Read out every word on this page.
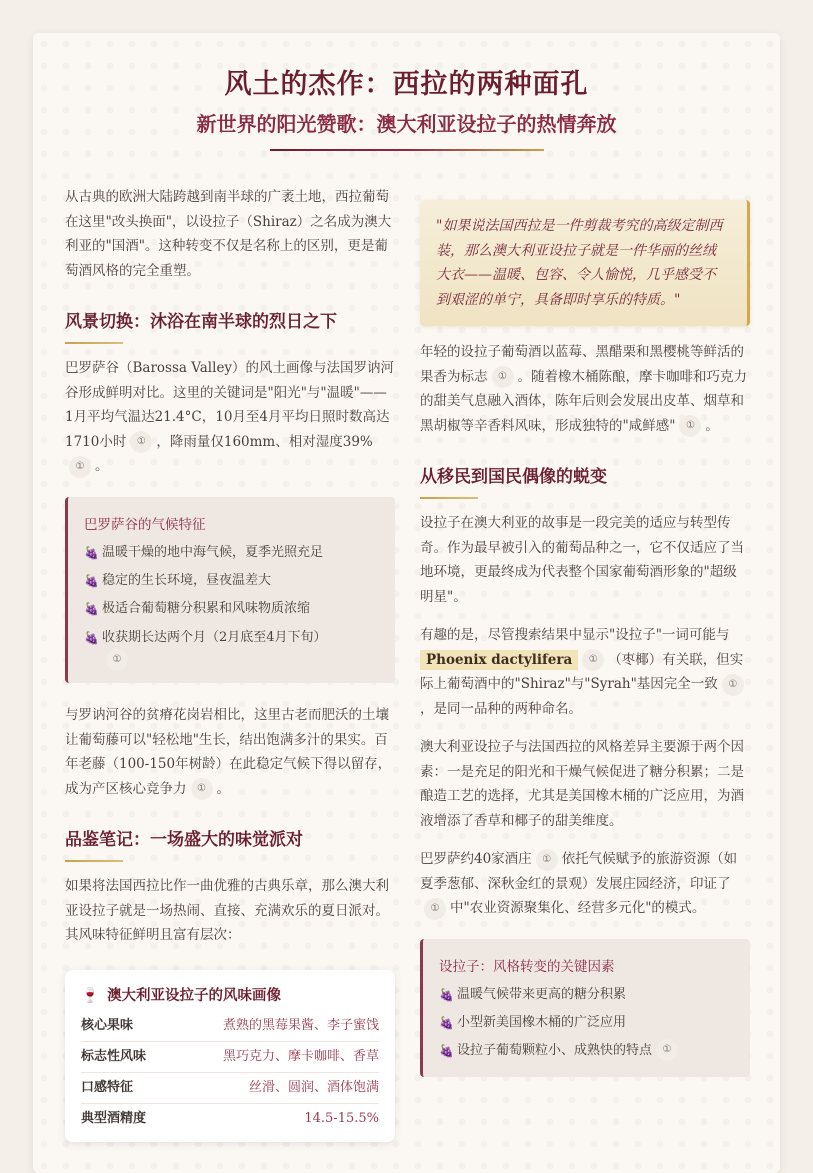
风土的杰作：西拉的两种面孔
新世界的阳光赞歌：澳大利亚设拉子的热情奔放

从古典的欧洲大陆跨越到南半球的广袤土地，西拉葡萄在这里"改头换面"，以设拉子（Shiraz）之名成为澳大利亚的"国酒"。这种转变不仅是名称上的区别，更是葡萄酒风格的完全重塑。

风景切换：沐浴在南半球的烈日之下

巴罗萨谷（Barossa Valley）的风土画像与法国罗讷河谷形成鲜明对比。这里的关键词是"阳光"与"温暖"——1月平均气温达21.4°C，10月至4月平均日照时数高达1710小时 ① ，降雨量仅160mm、相对湿度39%① 。

巴罗萨谷的气候特征
🍇 温暖干燥的地中海气候，夏季光照充足
🍇 稳定的生长环境，昼夜温差大
🍇 极适合葡萄糖分积累和风味物质浓缩
🍇 收获期长达两个月（2月底至4月下旬）
①

与罗讷河谷的贫瘠花岗岩相比，这里古老而肥沃的土壤让葡萄藤可以"轻松地"生长，结出饱满多汁的果实。百年老藤（100-150年树龄）在此稳定气候下得以留存，成为产区核心竞争力 ① 。

品鉴笔记：一场盛大的味觉派对

如果将法国西拉比作一曲优雅的古典乐章，那么澳大利亚设拉子就是一场热闹、直接、充满欢乐的夏日派对。其风味特征鲜明且富有层次：

🍷 澳大利亚设拉子的风味画像
核心果味	煮熟的黑莓果酱、李子蜜饯
标志性风味	黑巧克力、摩卡咖啡、香草
口感特征	丝滑、圆润、酒体饱满
典型酒精度	14.5-15.5%
"如果说法国西拉是一件剪裁考究的高级定制西装，那么澳大利亚设拉子就是一件华丽的丝绒大衣——温暖、包容、令人愉悦，几乎感受不到艰涩的单宁，具备即时享乐的特质。"

年轻的设拉子葡萄酒以蓝莓、黑醋栗和黑樱桃等鲜活的果香为标志 ① 。随着橡木桶陈酿，摩卡咖啡和巧克力的甜美气息融入酒体，陈年后则会发展出皮革、烟草和黑胡椒等辛香料风味，形成独特的"咸鲜感" ① 。

从移民到国民偶像的蜕变

设拉子在澳大利亚的故事是一段完美的适应与转型传奇。作为最早被引入的葡萄品种之一，它不仅适应了当地环境，更最终成为代表整个国家葡萄酒形象的"超级明星"。

有趣的是，尽管搜索结果中显示"设拉子"一词可能与Phoenix dactylifera ① （枣椰）有关联，但实际上葡萄酒中的"Shiraz"与"Syrah"基因完全一致 ①，是同一品种的两种命名。

澳大利亚设拉子与法国西拉的风格差异主要源于两个因素：一是充足的阳光和干燥气候促进了糖分积累；二是酿造工艺的选择，尤其是美国橡木桶的广泛应用，为酒液增添了香草和椰子的甜美维度。

巴罗萨约40家酒庄 ① 依托气候赋予的旅游资源（如夏季葱郁、深秋金红的景观）发展庄园经济，印证了① 中"农业资源聚集化、经营多元化"的模式。

设拉子：风格转变的关键因素
🍇 温暖气候带来更高的糖分积累
🍇 小型新美国橡木桶的广泛应用
🍇 设拉子葡萄颗粒小、成熟快的特点 ①
